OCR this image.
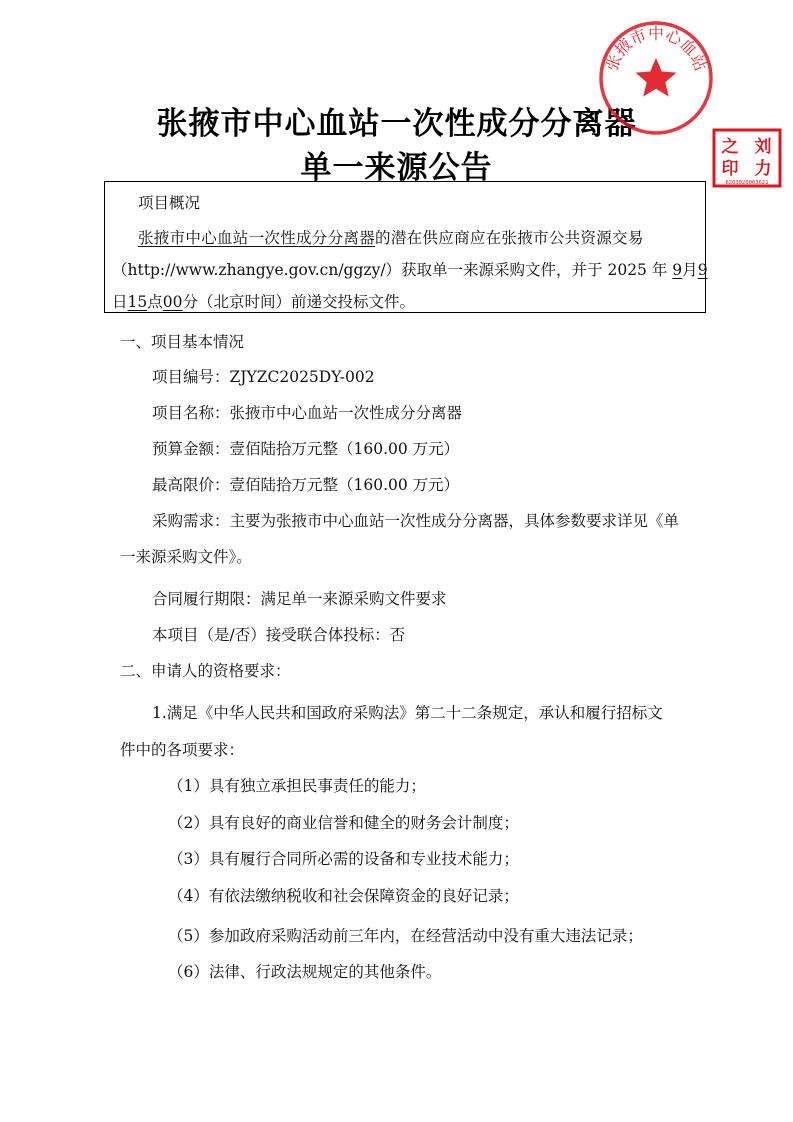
张掖市中心血站一次性成分分离器
单一来源公告
项目概况
张掖市中心血站一次性成分分离器的潜在供应商应在张掖市公共资源交易
（http://www.zhangye.gov.cn/ggzy/）获取单一来源采购文件，并于 2025 年 9月9
日15点00分（北京时间）前递交投标文件。
一、项目基本情况
项目编号：ZJYZC2025DY-002
项目名称：张掖市中心血站一次性成分分离器
预算金额：壹佰陆拾万元整（160.00 万元）
最高限价：壹佰陆拾万元整（160.00 万元）
采购需求：主要为张掖市中心血站一次性成分分离器，具体参数要求详见《单
一来源采购文件》。
合同履行期限：满足单一来源采购文件要求
本项目（是/否）接受联合体投标：否
二、申请人的资格要求：
1.满足《中华人民共和国政府采购法》第二十二条规定，承认和履行招标文
件中的各项要求：
（1）具有独立承担民事责任的能力；
（2）具有良好的商业信誉和健全的财务会计制度；
（3）具有履行合同所必需的设备和专业技术能力；
（4）有依法缴纳税收和社会保障资金的良好记录；
（5）参加政府采购活动前三年内，在经营活动中没有重大违法记录；
（6）法律、行政法规规定的其他条件。
张掖市中心血站
之 刘
印 力
6203020063621
